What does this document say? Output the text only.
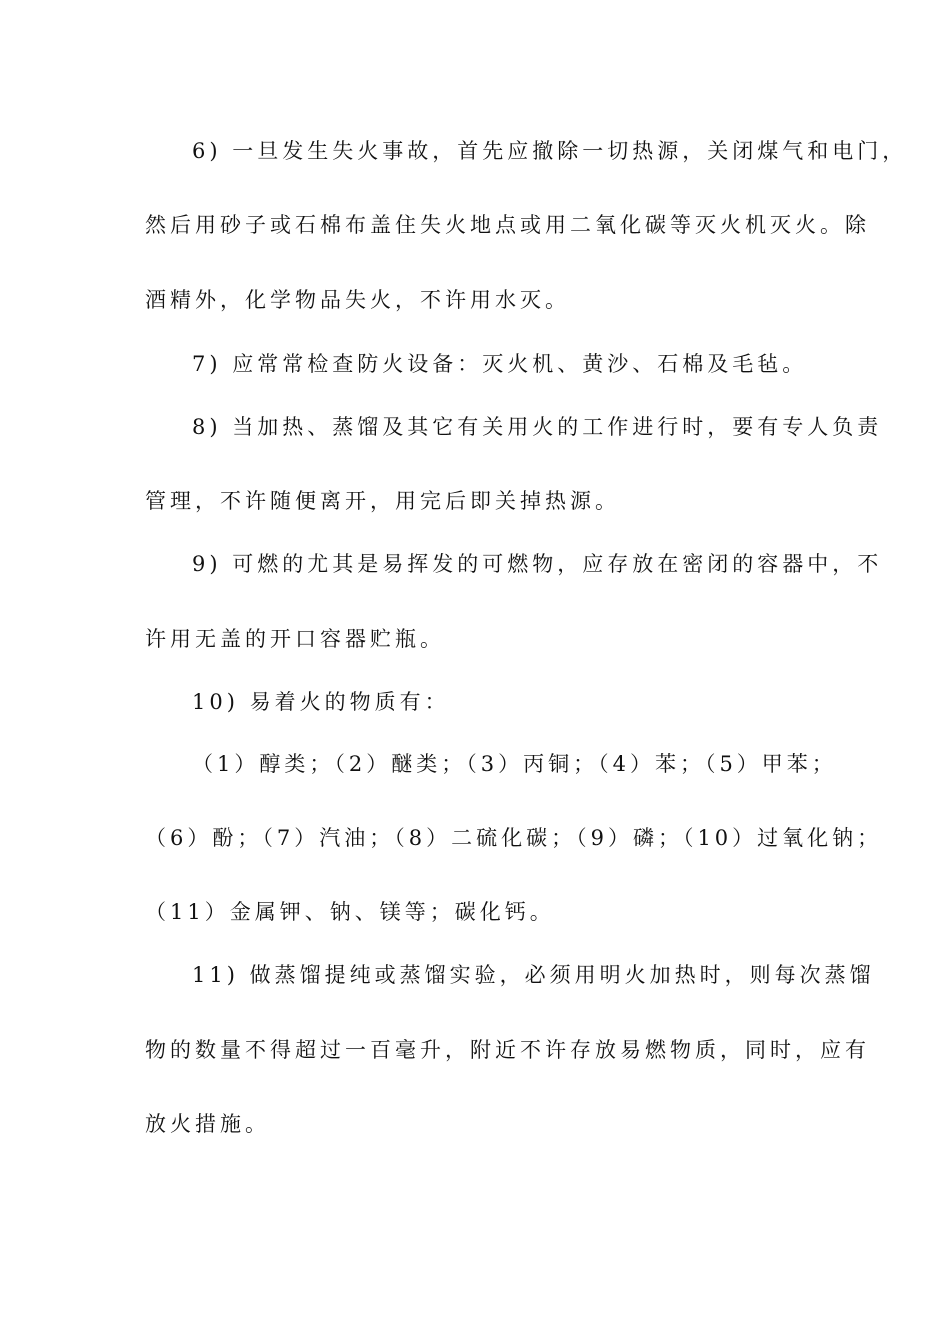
6) 一旦发生失火事故，首先应撤除一切热源，关闭煤气和电门，
然后用砂子或石棉布盖住失火地点或用二氧化碳等灭火机灭火。除
酒精外，化学物品失火，不许用水灭。
7) 应常常检查防火设备：灭火机、黄沙、石棉及毛毡。
8) 当加热、蒸馏及其它有关用火的工作进行时，要有专人负责
管理，不许随便离开，用完后即关掉热源。
9) 可燃的尤其是易挥发的可燃物，应存放在密闭的容器中，不
许用无盖的开口容器贮瓶。
10) 易着火的物质有：
（1）醇类；（2）醚类；（3）丙铜；（4）苯；（5）甲苯；
（6）酚；（7）汽油；（8）二硫化碳；（9）磷；（10）过氧化钠；
（11）金属钾、钠、镁等；碳化钙。
11) 做蒸馏提纯或蒸馏实验，必须用明火加热时，则每次蒸馏
物的数量不得超过一百毫升，附近不许存放易燃物质，同时，应有
放火措施。
